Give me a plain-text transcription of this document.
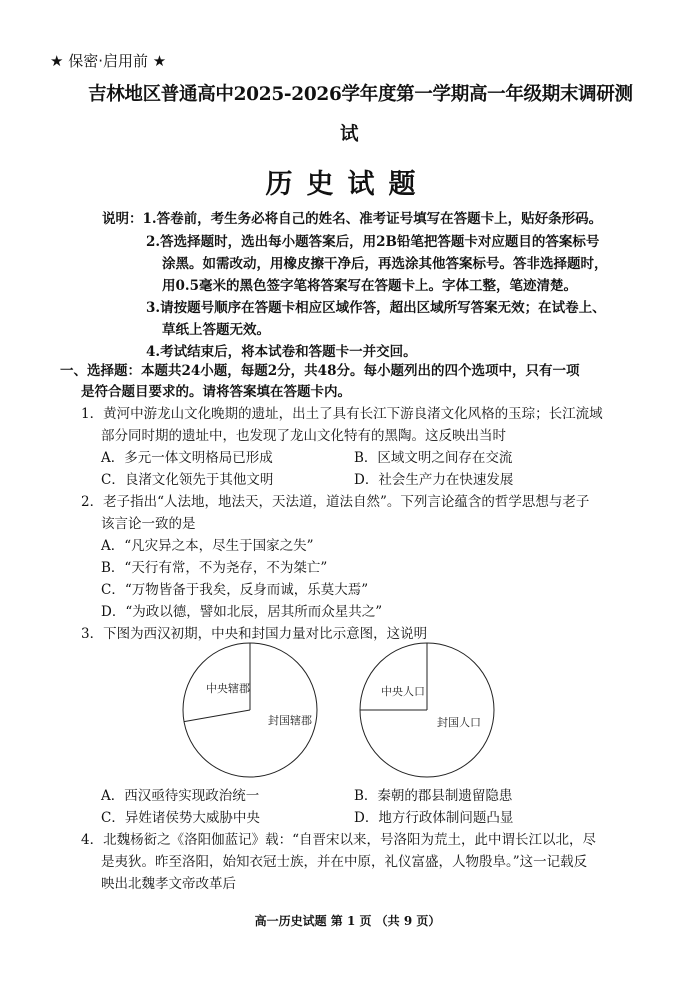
★ 保密·启用前 ★
吉林地区普通高中2025-2026学年度第一学期高一年级期末调研测
试
历史试题
说明：1.答卷前，考生务必将自己的姓名、准考证号填写在答题卡上，贴好条形码。
2.答选择题时，选出每小题答案后，用2B铅笔把答题卡对应题目的答案标号
涂黑。如需改动，用橡皮擦干净后，再选涂其他答案标号。答非选择题时，
用0.5毫米的黑色签字笔将答案写在答题卡上。字体工整，笔迹清楚。
3.请按题号顺序在答题卡相应区域作答，超出区域所写答案无效；在试卷上、
草纸上答题无效。
4.考试结束后，将本试卷和答题卡一并交回。
一、选择题：本题共24小题，每题2分，共48分。每小题列出的四个选项中，只有一项
是符合题目要求的。请将答案填在答题卡内。
1．黄河中游龙山文化晚期的遗址，出土了具有长江下游良渚文化风格的玉琮；长江流域
部分同时期的遗址中，也发现了龙山文化特有的黑陶。这反映出当时
A．多元一体文明格局已形成	B．区域文明之间存在交流
C．良渚文化领先于其他文明	D．社会生产力在快速发展
2．老子指出“人法地，地法天，天法道，道法自然”。下列言论蕴含的哲学思想与老子
该言论一致的是
A．“凡灾异之本，尽生于国家之失”
B．“天行有常，不为尧存，不为桀亡”
C．“万物皆备于我矣，反身而诚，乐莫大焉”
D．“为政以德，譬如北辰，居其所而众星共之”
3．下图为西汉初期，中央和封国力量对比示意图，这说明
中央辖郡
封国辖郡
中央人口
封国人口
A．西汉亟待实现政治统一	B．秦朝的郡县制遗留隐患
C．异姓诸侯势大威胁中央	D．地方行政体制问题凸显
4．北魏杨衒之《洛阳伽蓝记》载：“自晋宋以来，号洛阳为荒土，此中谓长江以北，尽
是夷狄。昨至洛阳，始知衣冠士族，并在中原，礼仪富盛，人物殷阜。”这一记载反
映出北魏孝文帝改革后
高一历史试题 第 1 页 （共 9 页）
